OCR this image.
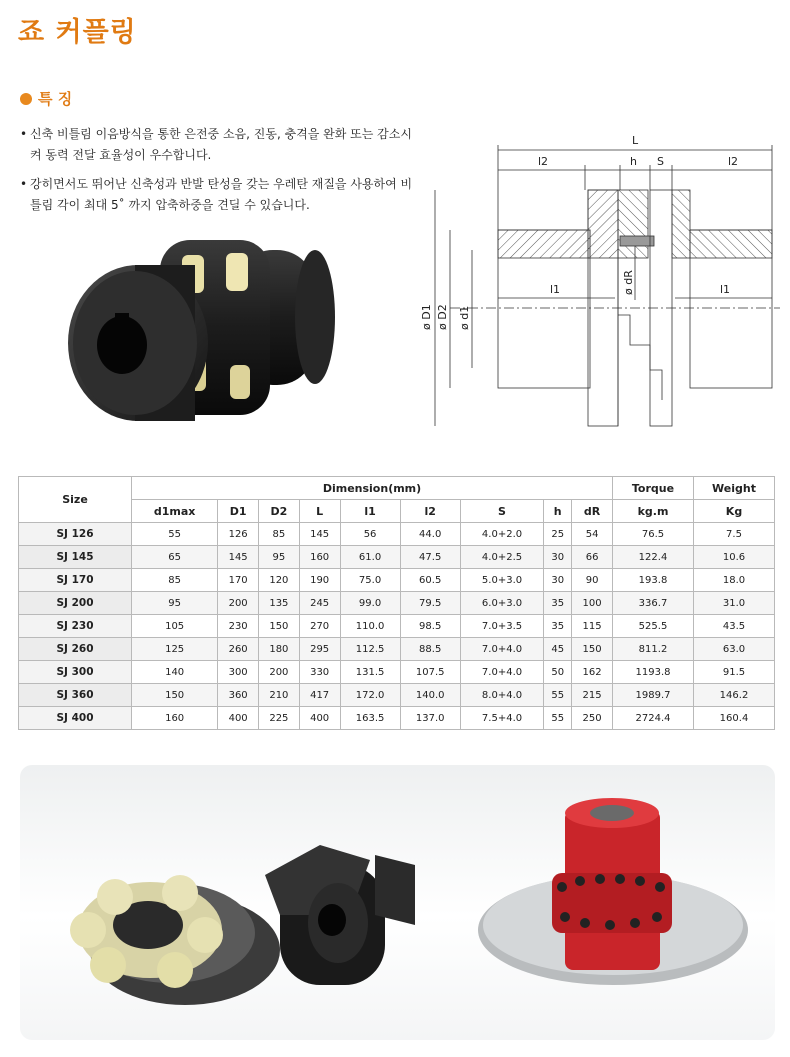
죠 커플링
특 징
• 신축 비틀림 이음방식을 통한 은전중 소음, 진동, 충격을 완화 또는 감소시켜 동력 전달 효율성이 우수합니다.
• 강히면서도 뛰어난 신축성과 반발 탄성을 갖는 우레탄 재질을 사용하여 비틀림 각이 최대 5˚ 까지 압축하중을 견딜 수 있습니다.
L
l2	h S	l2
l1	l1
ø D1 ø D2 ø d1
ø dR
Size	Dimension(mm)									Torque	Weight
	d1max	D1	D2	L	l1	l2	S	h	dR	kg.m	Kg
SJ 126	55	126	85	145	56	44.0	4.0+2.0	25	54	76.5	7.5
SJ 145	65	145	95	160	61.0	47.5	4.0+2.5	30	66	122.4	10.6
SJ 170	85	170	120	190	75.0	60.5	5.0+3.0	30	90	193.8	18.0
SJ 200	95	200	135	245	99.0	79.5	6.0+3.0	35	100	336.7	31.0
SJ 230	105	230	150	270	110.0	98.5	7.0+3.5	35	115	525.5	43.5
SJ 260	125	260	180	295	112.5	88.5	7.0+4.0	45	150	811.2	63.0
SJ 300	140	300	200	330	131.5	107.5	7.0+4.0	50	162	1193.8	91.5
SJ 360	150	360	210	417	172.0	140.0	8.0+4.0	55	215	1989.7	146.2
SJ 400	160	400	225	400	163.5	137.0	7.5+4.0	55	250	2724.4	160.4
